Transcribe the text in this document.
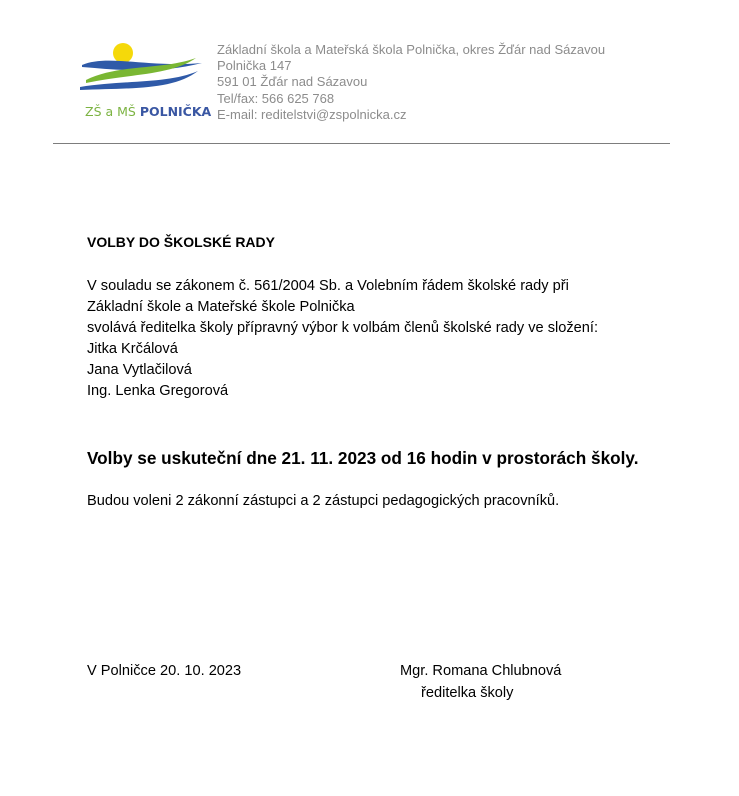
ZŠ a MŠ POLNIČKA
Základní škola a Mateřská škola Polnička, okres Žďár nad Sázavou
Polnička 147
591 01 Žďár nad Sázavou
Tel/fax: 566 625 768
E-mail: reditelstvi@zspolnicka.cz
VOLBY DO ŠKOLSKÉ RADY
V souladu se zákonem č. 561/2004 Sb. a Volebním řádem školské rady při
Základní škole a Mateřské škole Polnička
svolává ředitelka školy přípravný výbor k volbám členů školské rady ve složení:
Jitka Krčálová
Jana Vytlačilová
Ing. Lenka Gregorová
Volby se uskuteční dne 21. 11. 2023 od 16 hodin v prostorách školy.
Budou voleni 2 zákonní zástupci a 2 zástupci pedagogických pracovníků.
V Polničce 20. 10. 2023	Mgr. Romana Chlubnová
ředitelka školy
